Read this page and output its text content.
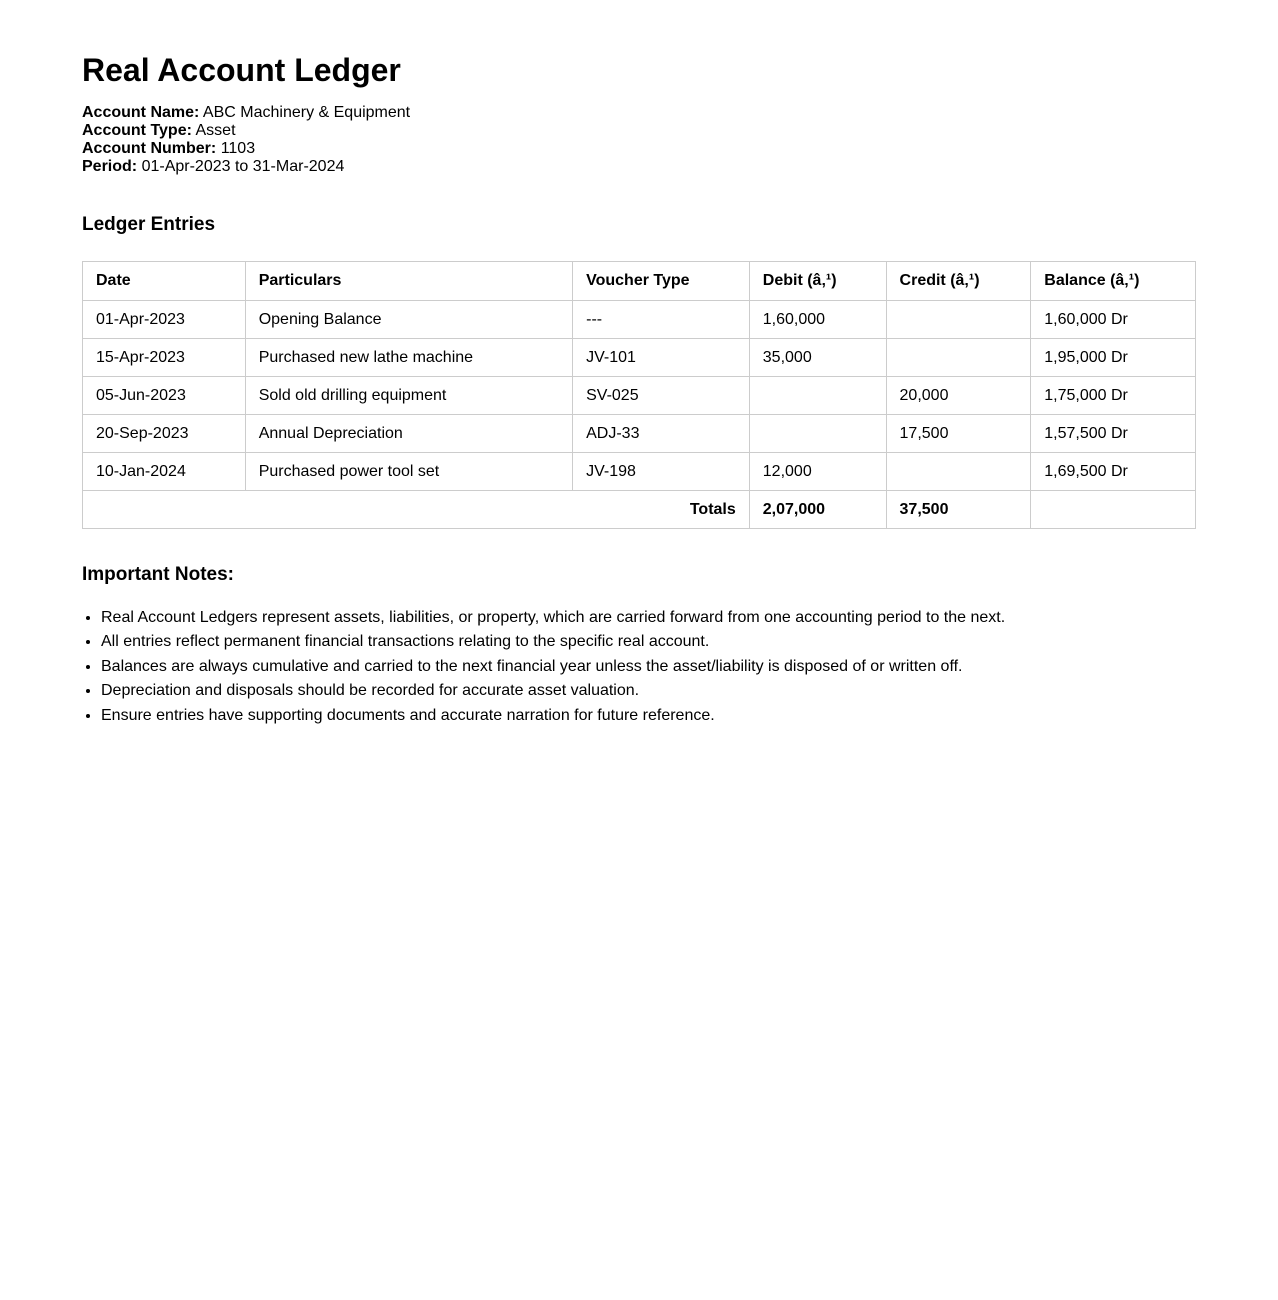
Real Account Ledger
Account Name: ABC Machinery & Equipment
Account Type: Asset
Account Number: 1103
Period: 01-Apr-2023 to 31-Mar-2024
Ledger Entries
Date	Particulars	Voucher Type	Debit (â‚¹)	Credit (â‚¹)	Balance (â‚¹)
01-Apr-2023	Opening Balance	---	1,60,000		1,60,000 Dr
15-Apr-2023	Purchased new lathe machine	JV-101	35,000		1,95,000 Dr
05-Jun-2023	Sold old drilling equipment	SV-025		20,000	1,75,000 Dr
20-Sep-2023	Annual Depreciation	ADJ-33		17,500	1,57,500 Dr
10-Jan-2024	Purchased power tool set	JV-198	12,000		1,69,500 Dr
Totals			2,07,000	37,500	
Important Notes:
• Real Account Ledgers represent assets, liabilities, or property, which are carried forward from one accounting period to the next.
• All entries reflect permanent financial transactions relating to the specific real account.
• Balances are always cumulative and carried to the next financial year unless the asset/liability is disposed of or written off.
• Depreciation and disposals should be recorded for accurate asset valuation.
• Ensure entries have supporting documents and accurate narration for future reference.
